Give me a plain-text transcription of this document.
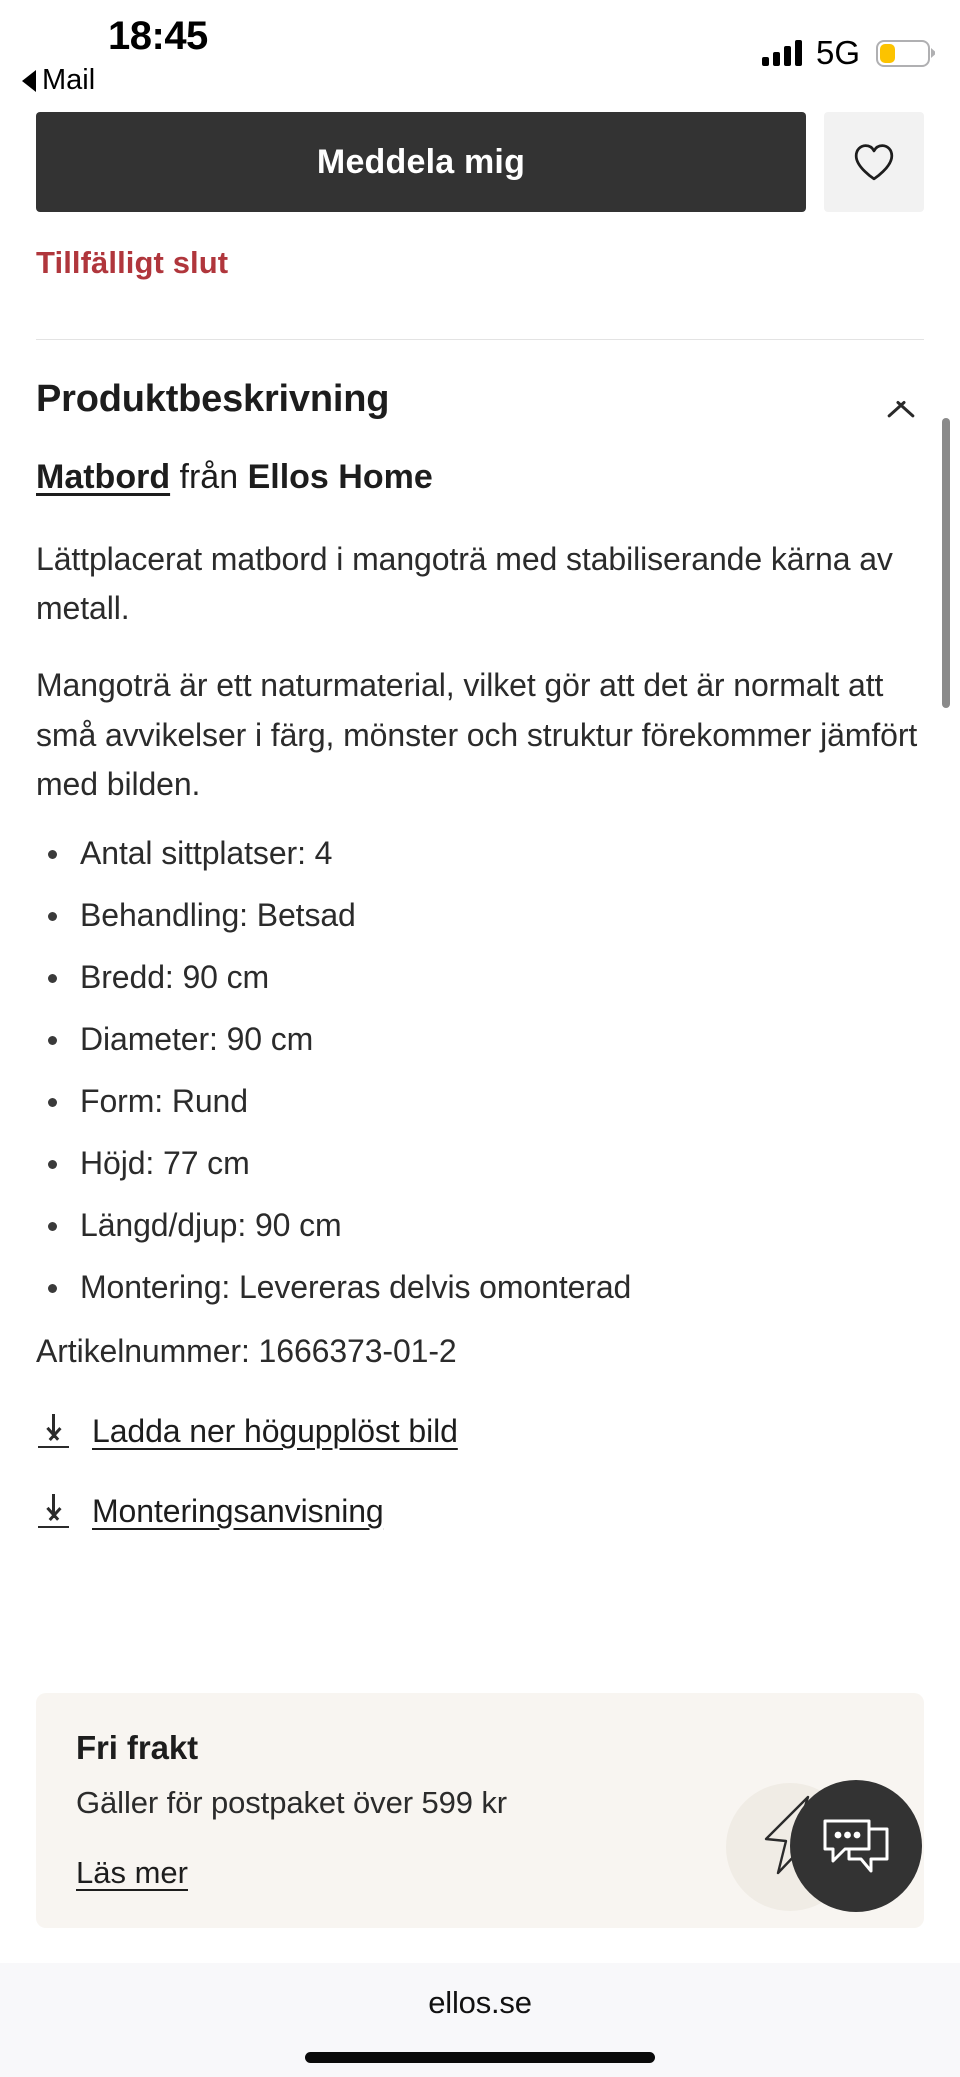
18:45	5G
Mail
Meddela mig
Tillfälligt slut
Produktbeskrivning
Matbord från Ellos Home

Lättplacerat matbord i mangoträ med stabiliserande kärna av metall.

Mangoträ är ett naturmaterial, vilket gör att det är normalt att små avvikelser i färg, mönster och struktur förekommer jämfört med bilden.

Antal sittplatser: 4
Behandling: Betsad
Bredd: 90 cm
Diameter: 90 cm
Form: Rund
Höjd: 77 cm
Längd/djup: 90 cm
Montering: Levereras delvis omonterad
Artikelnummer: 1666373-01-2
Ladda ner högupplöst bild
Monteringsanvisning
Fri frakt
Gäller för postpaket över 599 kr
Läs mer
ellos.se
